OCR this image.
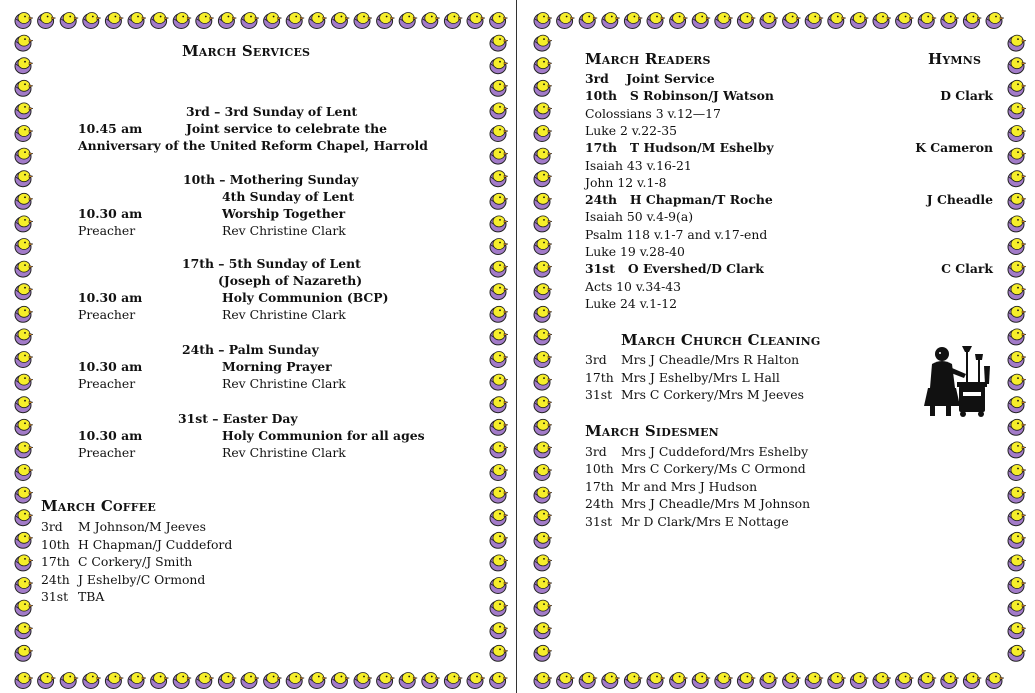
March Services
3rd – 3rd Sunday of Lent
10.45 am	Joint service to celebrate the
Anniversary of the United Reform Chapel, Harrold
10th – Mothering Sunday
4th Sunday of Lent
10.30 am	Worship Together
Preacher	Rev Christine Clark
17th – 5th Sunday of Lent
(Joseph of Nazareth)
10.30 am	Holy Communion (BCP)
Preacher	Rev Christine Clark
24th – Palm Sunday
10.30 am	Morning Prayer
Preacher	Rev Christine Clark
31st – Easter Day
10.30 am	Holy Communion for all ages
Preacher	Rev Christine Clark
March Coffee
3rd M Johnson/M Jeeves
10th H Chapman/J Cuddeford
17th C Corkery/J Smith
24th J Eshelby/C Ormond
31st TBA
March Readers	Hymns
3rd    Joint Service
10th   S Robinson/J Watson	D Clark
Colossians 3 v.12—17
Luke 2 v.22-35
17th   T Hudson/M Eshelby	K Cameron
Isaiah 43 v.16-21
John 12 v.1-8
24th   H Chapman/T Roche	J Cheadle
Isaiah 50 v.4-9(a)
Psalm 118 v.1-7 and v.17-end
Luke 19 v.28-40
31st   O Evershed/D Clark	C Clark
Acts 10 v.34-43
Luke 24 v.1-12
March Church Cleaning
3rd Mrs J Cheadle/Mrs R Halton
17th Mrs J Eshelby/Mrs L Hall
31st Mrs C Corkery/Mrs M Jeeves
March Sidesmen
3rd Mrs J Cuddeford/Mrs Eshelby
10th Mrs C Corkery/Ms C Ormond
17th Mr and Mrs J Hudson
24th Mrs J Cheadle/Mrs M Johnson
31st Mr D Clark/Mrs E Nottage
